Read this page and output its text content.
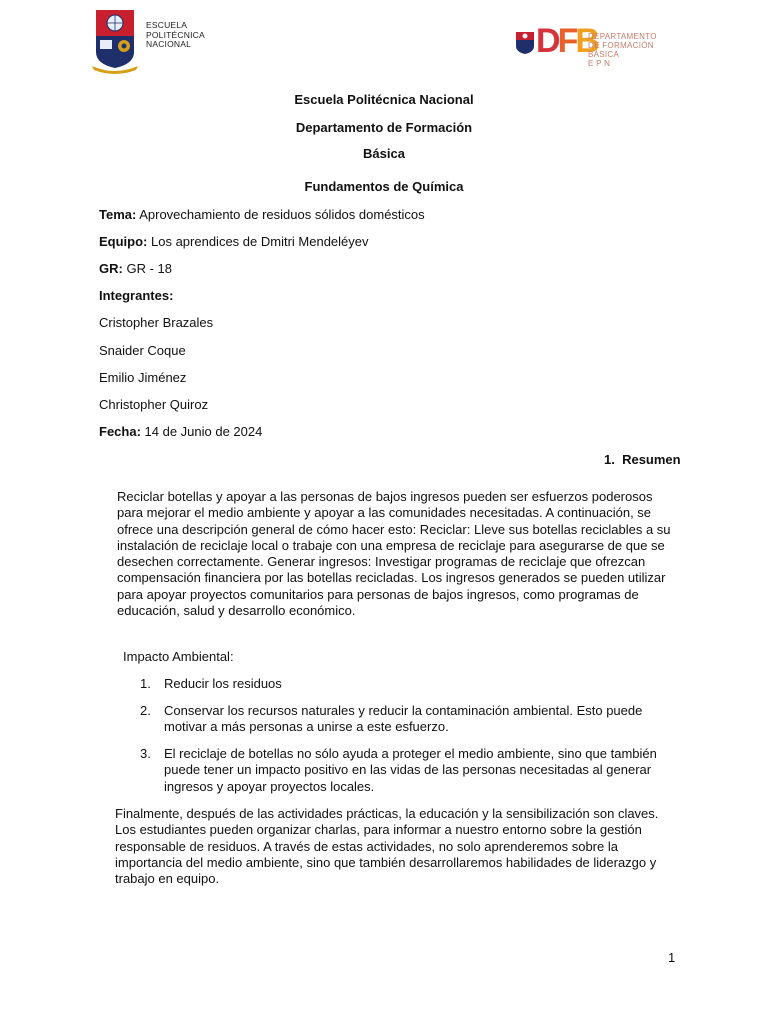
ESCUELA
POLITÉCNICA
NACIONAL	DFB
DEPARTAMENTO
DE FORMACIÓN BÁSICA
E P N
Escuela Politécnica Nacional
Departamento de Formación
Básica
Fundamentos de Química
Tema: Aprovechamiento de residuos sólidos domésticos
Equipo: Los aprendices de Dmitri Mendeléyev
GR: GR - 18
Integrantes:
Cristopher Brazales
Snaider Coque
Emilio Jiménez
Christopher Quiroz
Fecha: 14 de Junio de 2024
1. Resumen
Reciclar botellas y apoyar a las personas de bajos ingresos pueden ser esfuerzos poderosos para mejorar el medio ambiente y apoyar a las comunidades necesitadas. A continuación, se ofrece una descripción general de cómo hacer esto: Reciclar: Lleve sus botellas reciclables a su instalación de reciclaje local o trabaje con una empresa de reciclaje para asegurarse de que se desechen correctamente. Generar ingresos: Investigar programas de reciclaje que ofrezcan compensación financiera por las botellas recicladas. Los ingresos generados se pueden utilizar para apoyar proyectos comunitarios para personas de bajos ingresos, como programas de educación, salud y desarrollo económico.
Impacto Ambiental:
1. Reducir los residuos
2. Conservar los recursos naturales y reducir la contaminación ambiental. Esto puede motivar a más personas a unirse a este esfuerzo.
3. El reciclaje de botellas no sólo ayuda a proteger el medio ambiente, sino que también puede tener un impacto positivo en las vidas de las personas necesitadas al generar ingresos y apoyar proyectos locales.
Finalmente, después de las actividades prácticas, la educación y la sensibilización son claves. Los estudiantes pueden organizar charlas, para informar a nuestro entorno sobre la gestión responsable de residuos. A través de estas actividades, no solo aprenderemos sobre la importancia del medio ambiente, sino que también desarrollaremos habilidades de liderazgo y trabajo en equipo.
1
